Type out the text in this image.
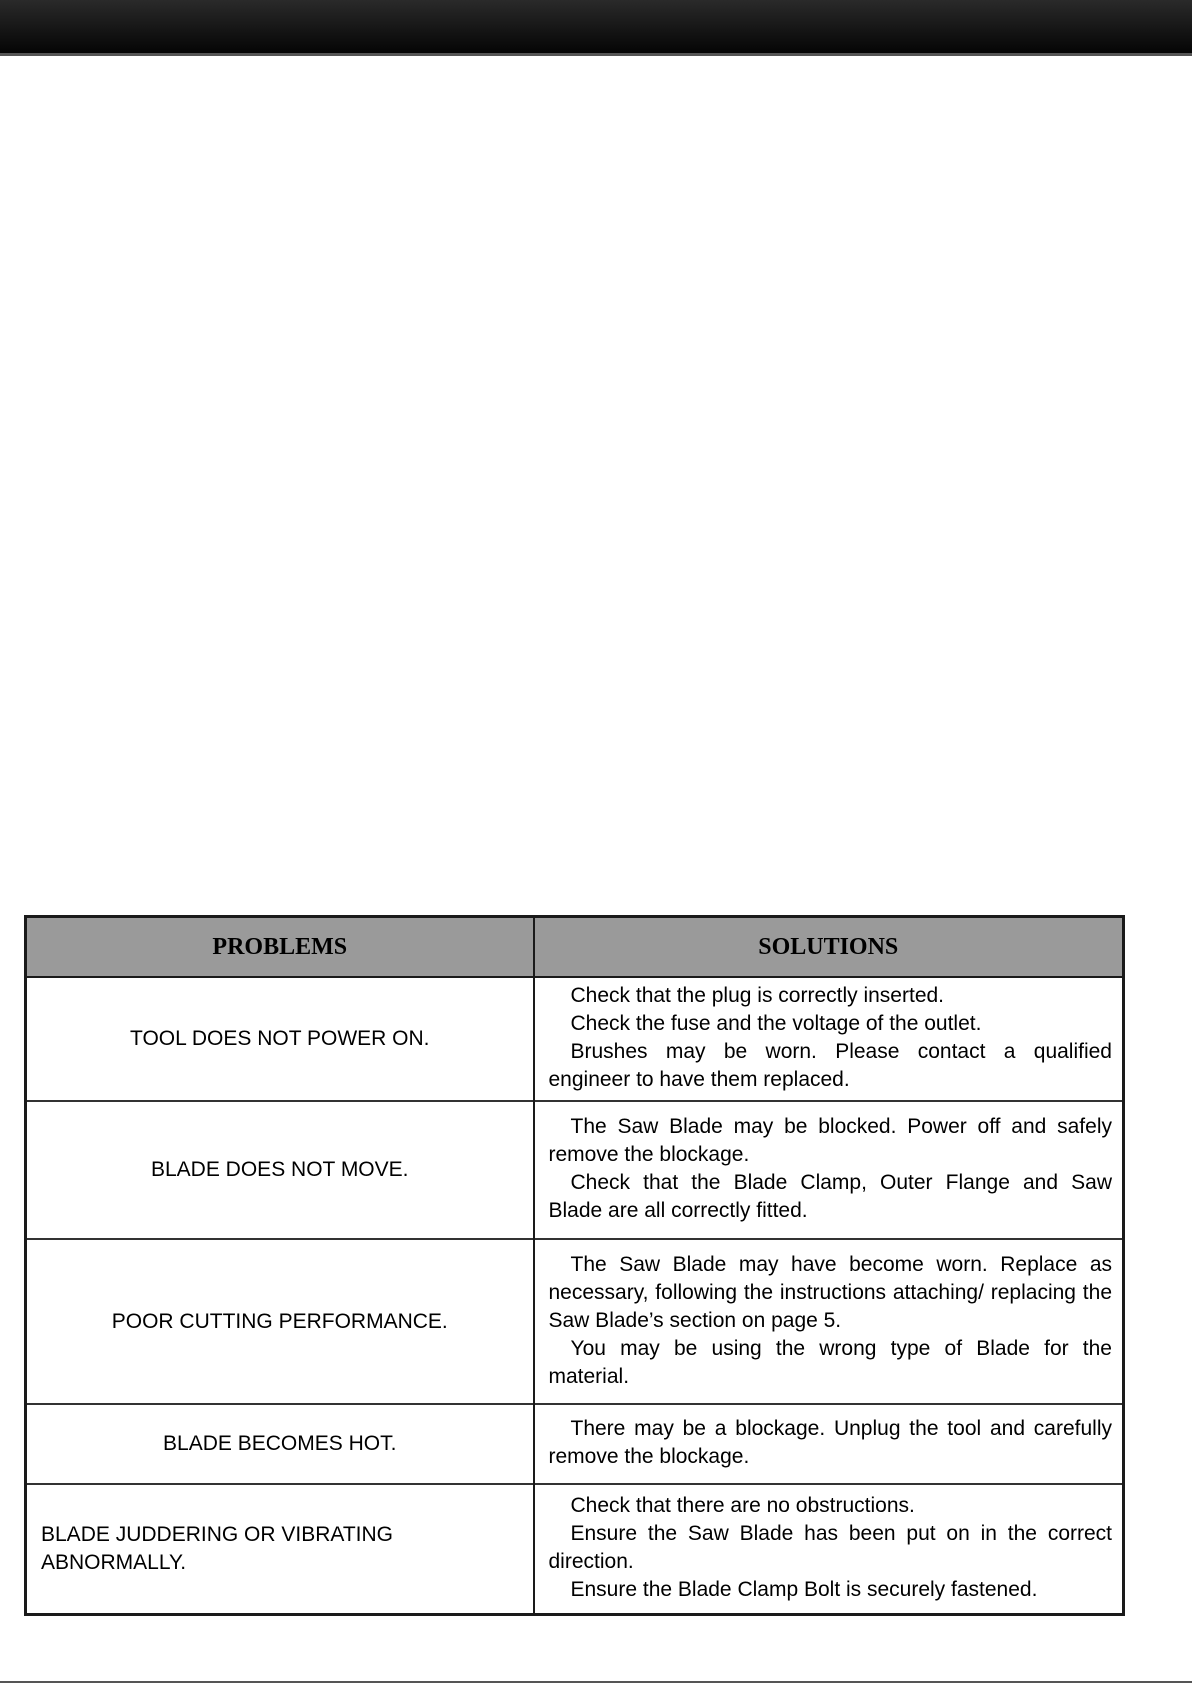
PROBLEMS	SOLUTIONS
TOOL DOES NOT POWER ON.	Check that the plug is correctly inserted.
Check the fuse and the voltage of the outlet.
Brushes may be worn. Please contact a qualified engineer to have them replaced.

BLADE DOES NOT MOVE.	The Saw Blade may be blocked. Power off and safely remove the blockage.
Check that the Blade Clamp, Outer Flange and Saw Blade are all correctly fitted.

POOR CUTTING PERFORMANCE.	The Saw Blade may have become worn. Replace as necessary, following the instructions attaching/ replacing the Saw Blade’s section on page 5.
You may be using the wrong type of Blade for the material.

BLADE BECOMES HOT.	There may be a blockage. Unplug the tool and carefully remove the blockage.

BLADE JUDDERING OR VIBRATING ABNORMALLY.	Check that there are no obstructions.
Ensure the Saw Blade has been put on in the correct direction.
Ensure the Blade Clamp Bolt is securely fastened.
